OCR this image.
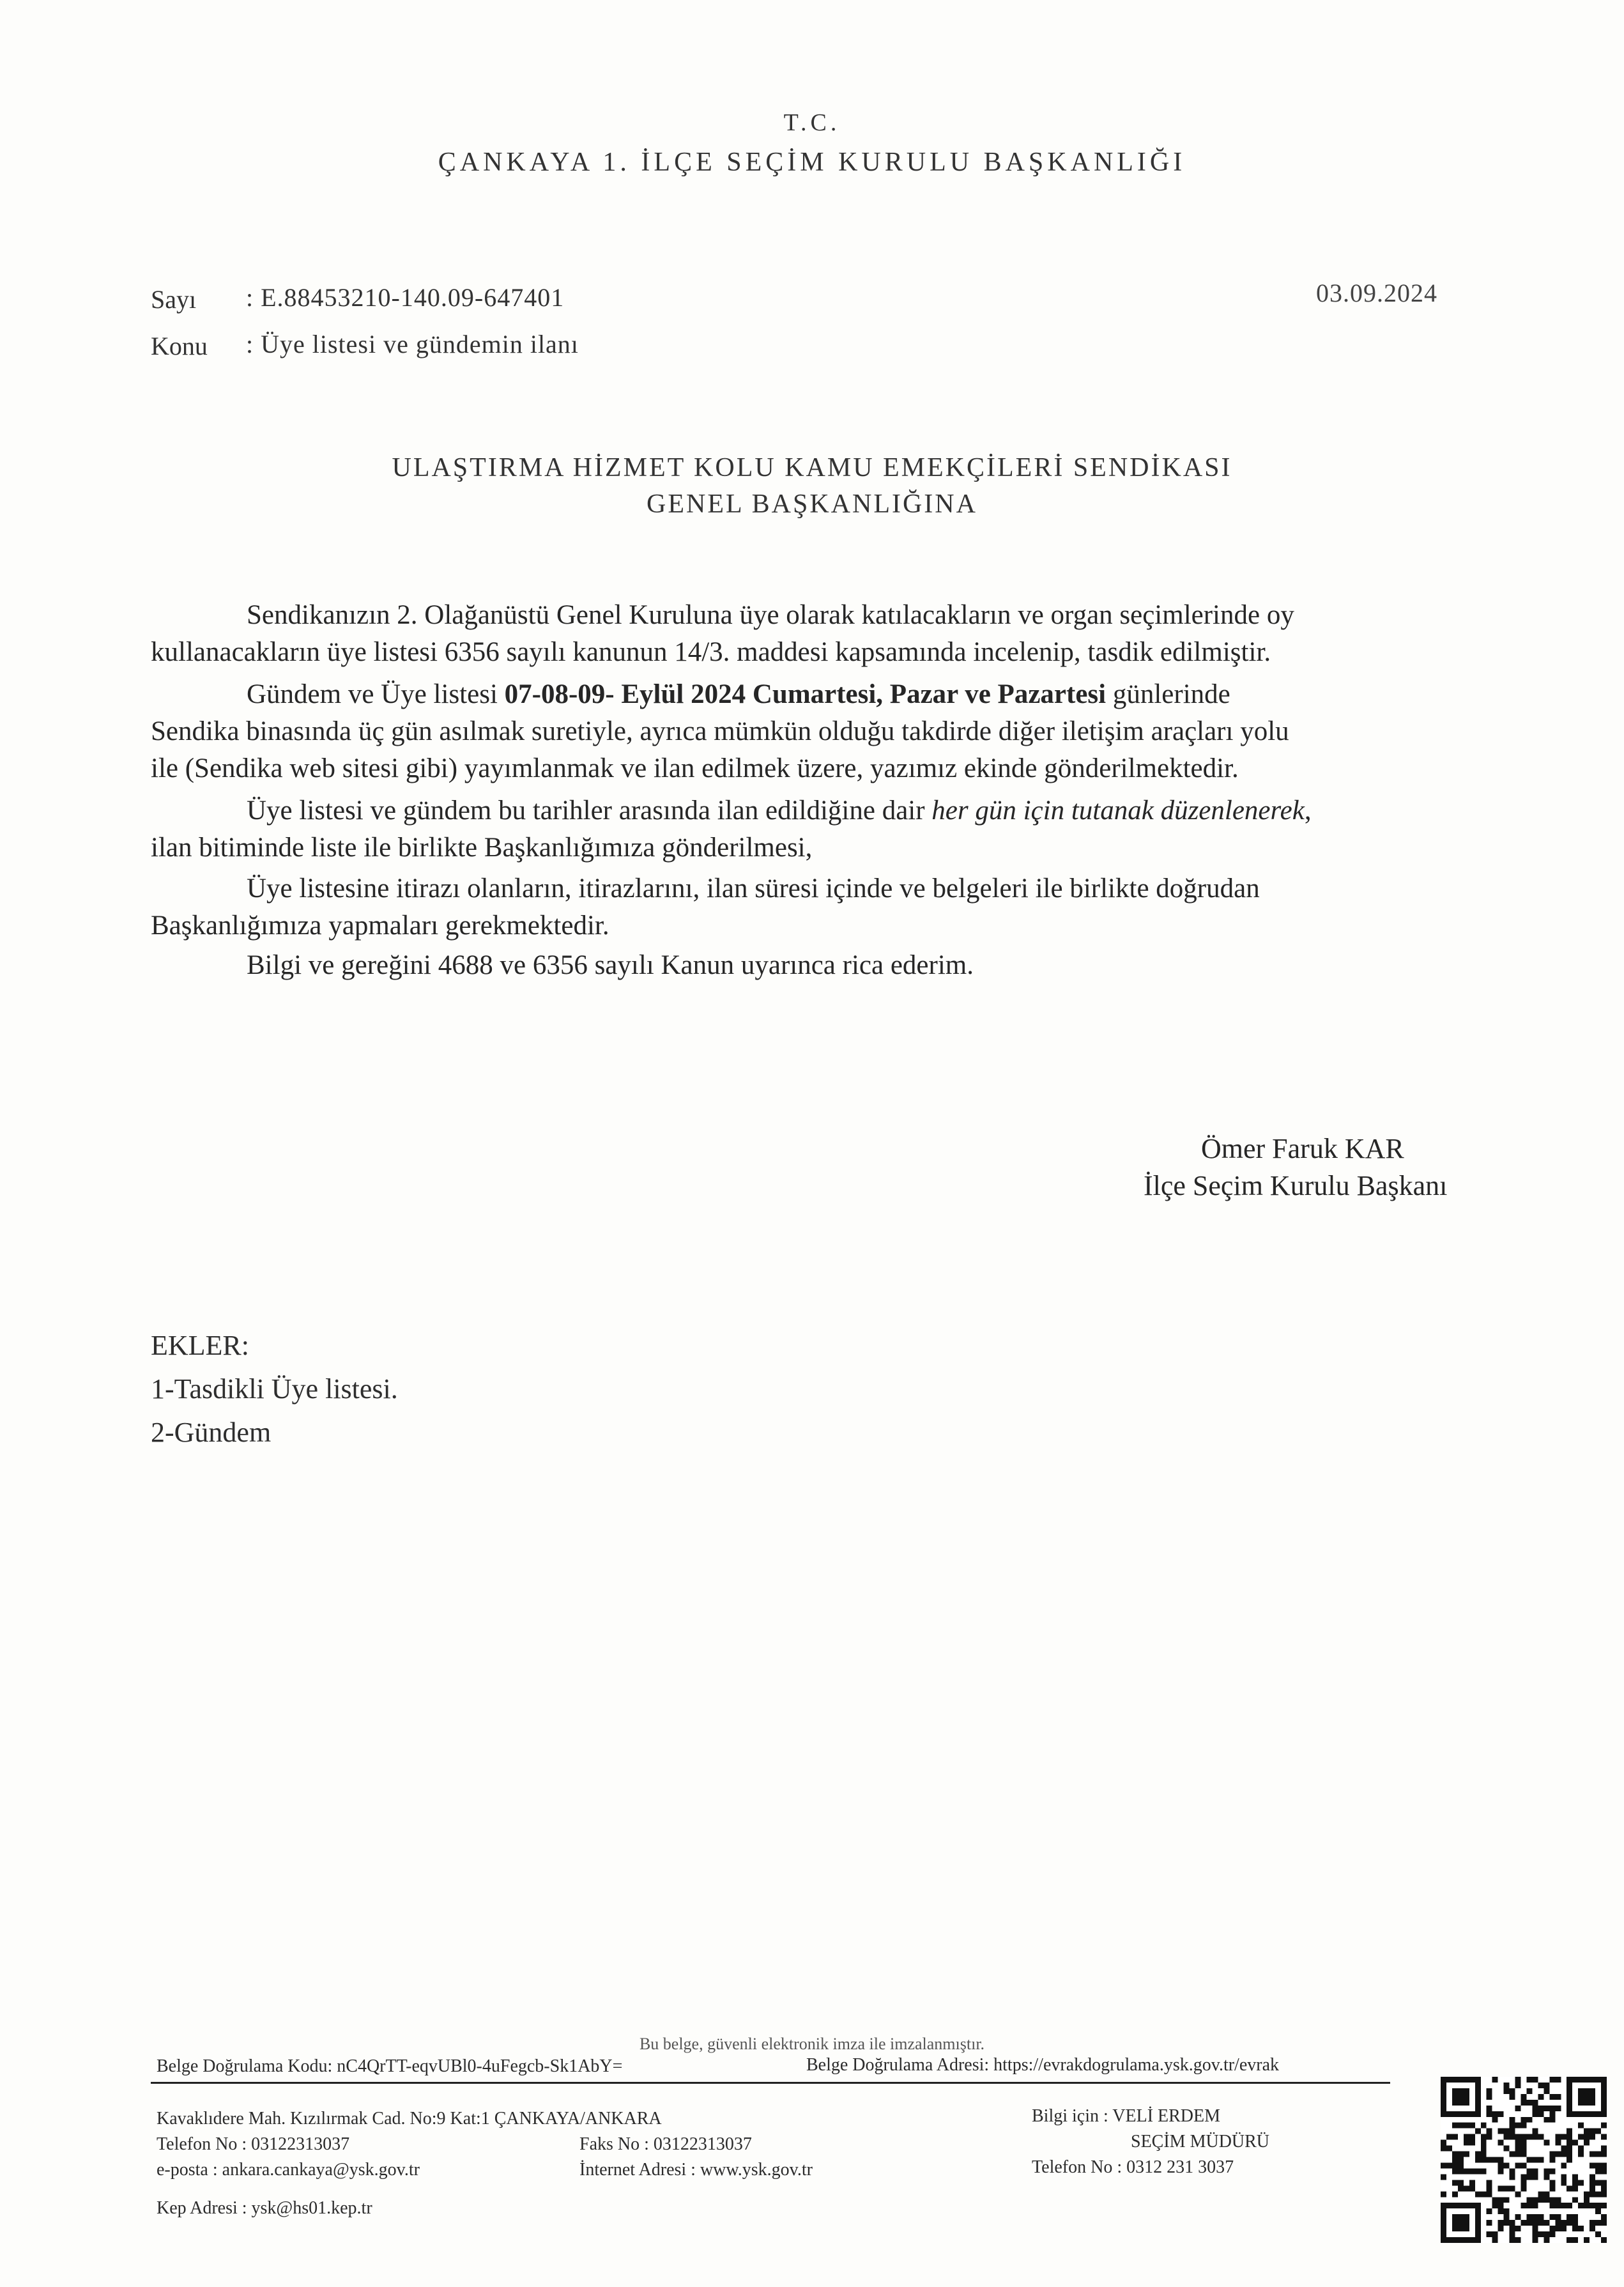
T.C.
ÇANKAYA 1. İLÇE SEÇİM KURULU BAŞKANLIĞI
Sayı : E.88453210-140.09-647401
Konu : Üye listesi ve gündemin ilanı
03.09.2024
ULAŞTIRMA HİZMET KOLU KAMU EMEKÇİLERİ SENDİKASI
GENEL BAŞKANLIĞINA
Sendikanızın 2. Olağanüstü Genel Kuruluna üye olarak katılacakların ve organ seçimlerinde oy
kullanacakların üye listesi 6356 sayılı kanunun 14/3. maddesi kapsamında incelenip, tasdik edilmiştir.
Gündem ve Üye listesi 07-08-09- Eylül 2024 Cumartesi, Pazar ve Pazartesi günlerinde
Sendika binasında üç gün asılmak suretiyle, ayrıca mümkün olduğu takdirde diğer iletişim araçları yolu
ile (Sendika web sitesi gibi) yayımlanmak ve ilan edilmek üzere, yazımız ekinde gönderilmektedir.
Üye listesi ve gündem bu tarihler arasında ilan edildiğine dair her gün için tutanak düzenlenerek,
ilan bitiminde liste ile birlikte Başkanlığımıza gönderilmesi,
Üye listesine itirazı olanların, itirazlarını, ilan süresi içinde ve belgeleri ile birlikte doğrudan
Başkanlığımıza yapmaları gerekmektedir.
Bilgi ve gereğini 4688 ve 6356 sayılı Kanun uyarınca rica ederim.
Ömer Faruk KAR
İlçe Seçim Kurulu Başkanı
EKLER:
1-Tasdikli Üye listesi.
2-Gündem
Bu belge, güvenli elektronik imza ile imzalanmıştır.
Belge Doğrulama Kodu: nC4QrTT-eqvUBl0-4uFegcb-Sk1AbY=	Belge Doğrulama Adresi: https://evrakdogrulama.ysk.gov.tr/evrak
Kavaklıdere Mah. Kızılırmak Cad. No:9 Kat:1 ÇANKAYA/ANKARA
Telefon No : 03122313037	Faks No : 03122313037
e-posta : ankara.cankaya@ysk.gov.tr	İnternet Adresi : www.ysk.gov.tr
Kep Adresi : ysk@hs01.kep.tr
Bilgi için : VELİ ERDEM
SEÇİM MÜDÜRÜ
Telefon No : 0312 231 3037
